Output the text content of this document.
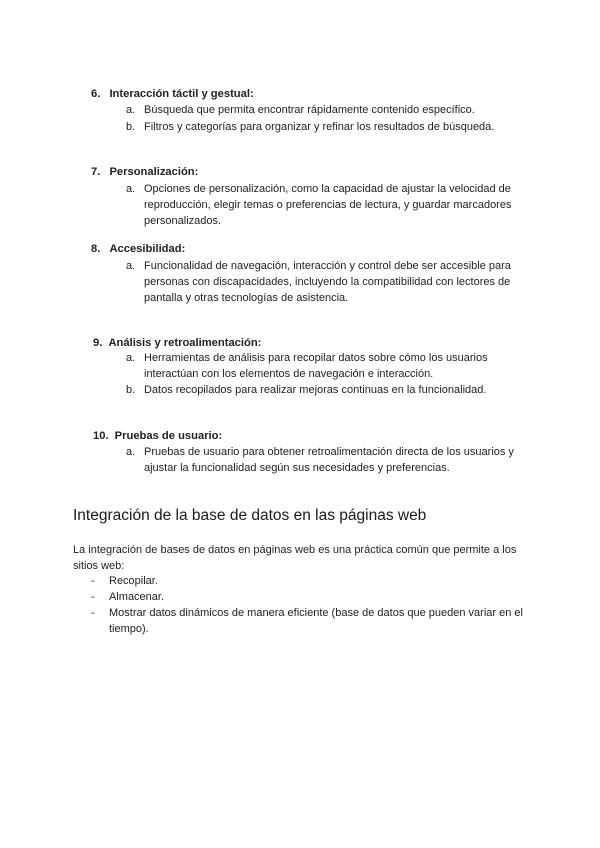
6. Interacción táctil y gestual:
a. Búsqueda que permita encontrar rápidamente contenido específico.
b. Filtros y categorías para organizar y refinar los resultados de búsqueda.
7. Personalización:
a. Opciones de personalización, como la capacidad de ajustar la velocidad de reproducción, elegir temas o preferencias de lectura, y guardar marcadores personalizados.
8. Accesibilidad:
a. Funcionalidad de navegación, interacción y control debe ser accesible para personas con discapacidades, incluyendo la compatibilidad con lectores de pantalla y otras tecnologías de asistencia.
9. Análisis y retroalimentación:
a. Herramientas de análisis para recopilar datos sobre cómo los usuarios interactúan con los elementos de navegación e interacción.
b. Datos recopilados para realizar mejoras continuas en la funcionalidad.
10. Pruebas de usuario:
a. Pruebas de usuario para obtener retroalimentación directa de los usuarios y ajustar la funcionalidad según sus necesidades y preferencias.
Integración de la base de datos en las páginas web
La integración de bases de datos en páginas web es una práctica común que permite a los sitios web:
- Recopilar.
- Almacenar.
- Mostrar datos dinámicos de manera eficiente (base de datos que pueden variar en el tiempo).
